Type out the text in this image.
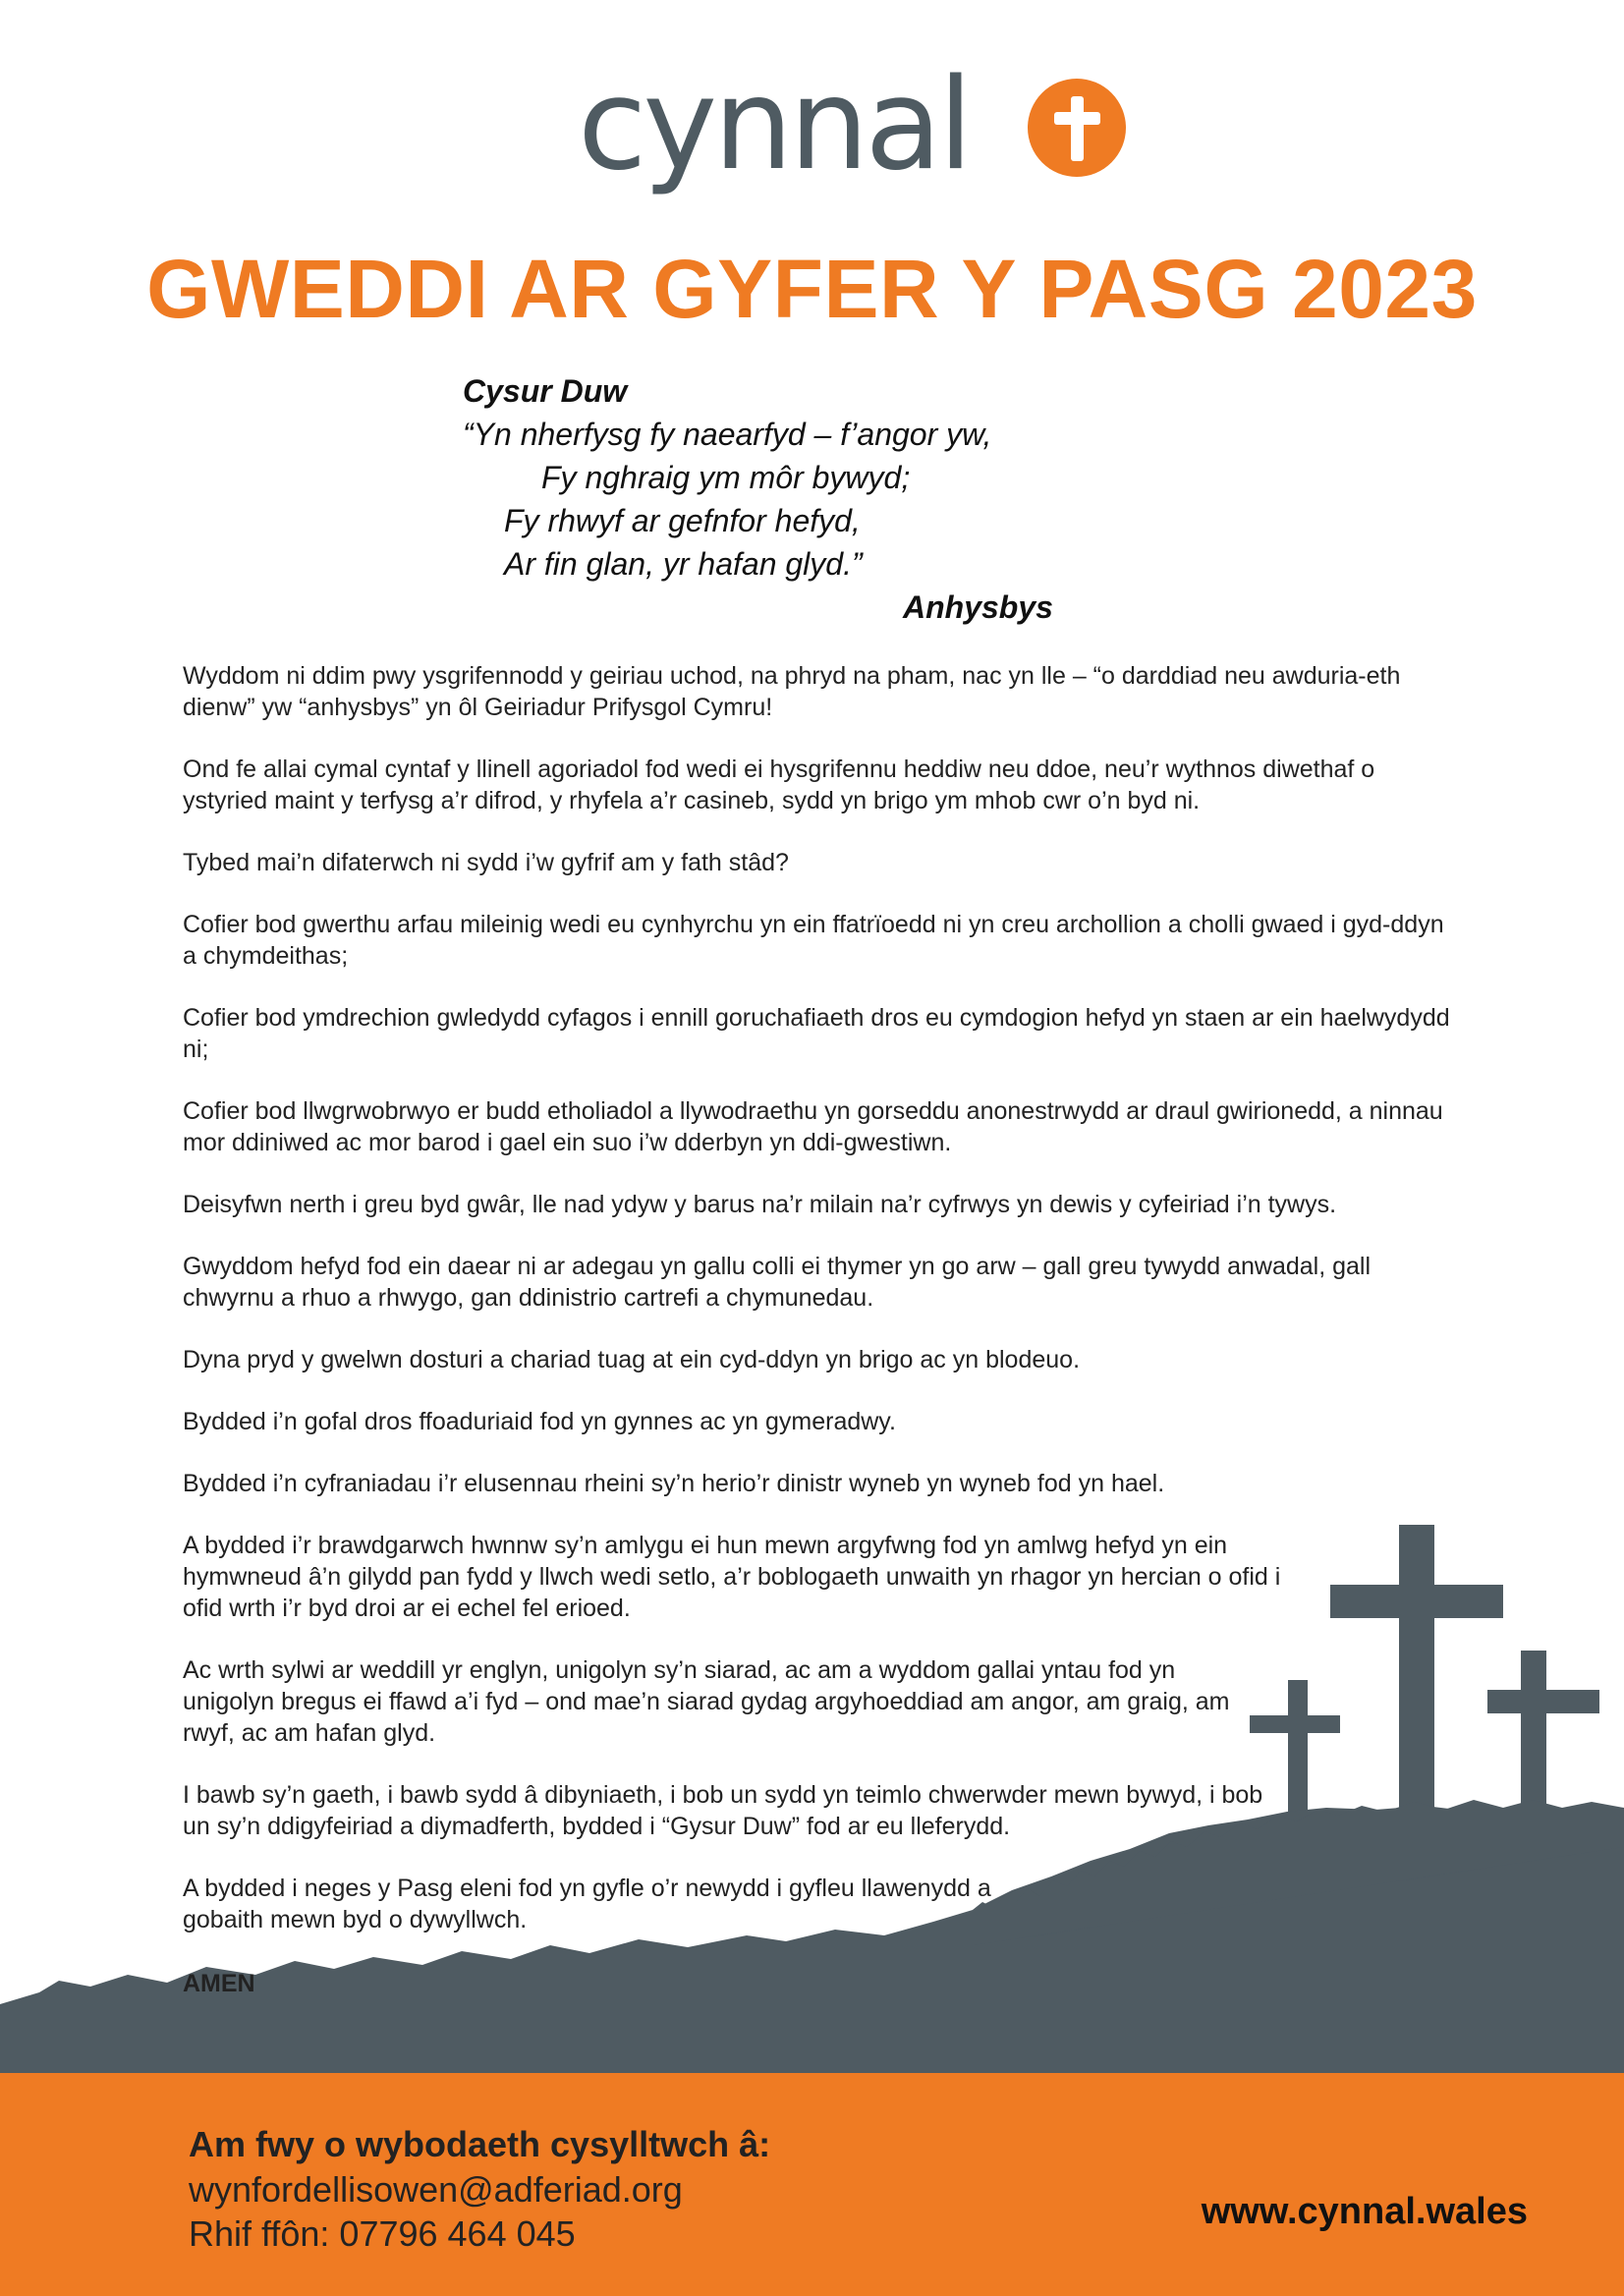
cynnal
GWEDDI AR GYFER Y PASG 2023
Cysur Duw
“Yn nherfysg fy naearfyd – f’angor yw,
Fy nghraig ym môr bywyd;
Fy rhwyf ar gefnfor hefyd,
Ar fin glan, yr hafan glyd.”
Anhysbys

Wyddom ni ddim pwy ysgrifennodd y geiriau uchod, na phryd na pham, nac yn lle – “o darddiad neu awduria-eth dienw” yw “anhysbys” yn ôl Geiriadur Prifysgol Cymru!

Ond fe allai cymal cyntaf y llinell agoriadol fod wedi ei hysgrifennu heddiw neu ddoe, neu’r wythnos diwethaf o ystyried maint y terfysg a’r difrod, y rhyfela a’r casineb, sydd yn brigo ym mhob cwr o’n byd ni.

Tybed mai’n difaterwch ni sydd i’w gyfrif am y fath stâd?

Cofier bod gwerthu arfau mileinig wedi eu cynhyrchu yn ein ffatrïoedd ni yn creu archollion a cholli gwaed i gyd-ddyn a chymdeithas;

Cofier bod ymdrechion gwledydd cyfagos i ennill goruchafiaeth dros eu cymdogion hefyd yn staen ar ein haelwydydd ni;

Cofier bod llwgrwobrwyo er budd etholiadol a llywodraethu yn gorseddu anonestrwydd ar draul gwirionedd, a ninnau mor ddiniwed ac mor barod i gael ein suo i’w dderbyn yn ddi-gwestiwn.

Deisyfwn nerth i greu byd gwâr, lle nad ydyw y barus na’r milain na’r cyfrwys yn dewis y cyfeiriad i’n tywys.

Gwyddom hefyd fod ein daear ni ar adegau yn gallu colli ei thymer yn go arw – gall greu tywydd anwadal, gall chwyrnu a rhuo a rhwygo, gan ddinistrio cartrefi a chymunedau.

Dyna pryd y gwelwn dosturi a chariad tuag at ein cyd-ddyn yn brigo ac yn blodeuo.

Bydded i’n gofal dros ffoaduriaid fod yn gynnes ac yn gymeradwy.

Bydded i’n cyfraniadau i’r elusennau rheini sy’n herio’r dinistr wyneb yn wyneb fod yn hael.

A bydded i’r brawdgarwch hwnnw sy’n amlygu ei hun mewn argyfwng fod yn amlwg hefyd yn ein hymwneud â’n gilydd pan fydd y llwch wedi setlo, a’r boblogaeth unwaith yn rhagor yn hercian o ofid i ofid wrth i’r byd droi ar ei echel fel erioed.

Ac wrth sylwi ar weddill yr englyn, unigolyn sy’n siarad, ac am a wyddom gallai yntau fod yn unigolyn bregus ei ffawd a’i fyd – ond mae’n siarad gydag argyhoeddiad am angor, am graig, am rwyf, ac am hafan glyd.

I bawb sy’n gaeth, i bawb sydd â dibyniaeth, i bob un sydd yn teimlo chwerwder mewn bywyd, i bob un sy’n ddigyfeiriad a diymadferth, bydded i “Gysur Duw” fod ar eu lleferydd.

A bydded i neges y Pasg eleni fod yn gyfle o’r newydd i gyfleu llawenydd a gobaith mewn byd o dywyllwch.

AMEN
Am fwy o wybodaeth cysylltwch â:
wynfordellisowen@adferiad.org
Rhif ffôn: 07796 464 045
www.cynnal.wales
